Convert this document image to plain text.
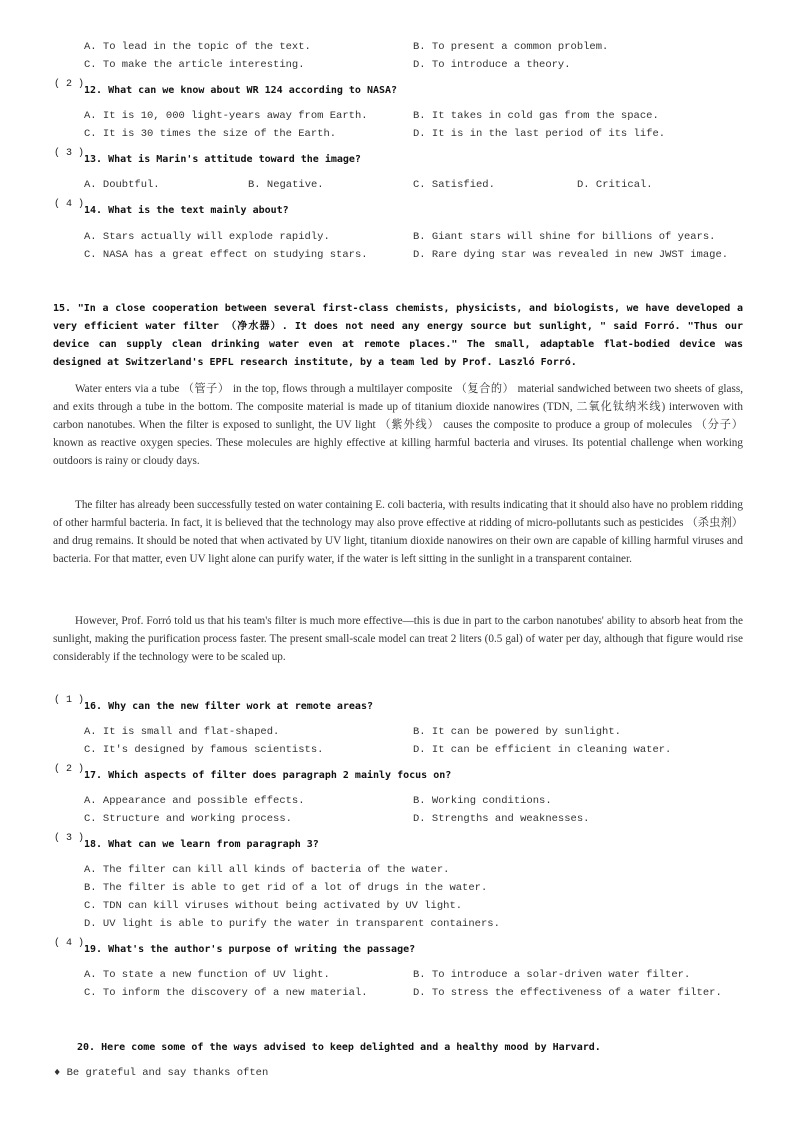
A. To lead in the topic of the text.	B. To present a common problem.
C. To make the article interesting.	D. To introduce a theory.
( 2 )
12. What can we know about WR 124 according to NASA?
A. It is 10, 000 light-years away from Earth.	B. It takes in cold gas from the space.
C. It is 30 times the size of the Earth.	D. It is in the last period of its life.
( 3 )
13. What is Marin's attitude toward the image?
A. Doubtful.	B. Negative.	C. Satisfied.	D. Critical.
( 4 )
14. What is the text mainly about?
A. Stars actually will explode rapidly.	B. Giant stars will shine for billions of years.
C. NASA has a great effect on studying stars.	D. Rare dying star was revealed in new JWST image.
15. "In a close cooperation between several first-class chemists, physicists, and biologists, we have developed a very efficient water filter （净水器）. It does not need any energy source but sunlight, " said Forrό. "Thus our device can supply clean drinking water even at remote places." The small, adaptable flat-bodied device was designed at Switzerland's EPFL research institute, by a team led by Prof. Laszlό Forrό.
Water enters via a tube （管子） in the top, flows through a multilayer composite （复合的） material sandwiched between two sheets of glass, and exits through a tube in the bottom. The composite material is made up of titanium dioxide nanowires (TDN, 二氧化钛纳米线) interwoven with carbon nanotubes. When the filter is exposed to sunlight, the UV light （紫外线） causes the composite to produce a group of molecules （分子） known as reactive oxygen species. These molecules are highly effective at killing harmful bacteria and viruses. Its potential challenge when working outdoors is rainy or cloudy days.
The filter has already been successfully tested on water containing E. coli bacteria, with results indicating that it should also have no problem ridding of other harmful bacteria. In fact, it is believed that the technology may also prove effective at ridding of micro-pollutants such as pesticides （杀虫剂） and drug remains. It should be noted that when activated by UV light, titanium dioxide nanowires on their own are capable of killing harmful viruses and bacteria. For that matter, even UV light alone can purify water, if the water is left sitting in the sunlight in a transparent container.
However, Prof. Forró told us that his team's filter is much more effective—this is due in part to the carbon nanotubes' ability to absorb heat from the sunlight, making the purification process faster. The present small-scale model can treat 2 liters (0.5 gal) of water per day, although that figure would rise considerably if the technology were to be scaled up.
( 1 )
16. Why can the new filter work at remote areas?
A. It is small and flat-shaped.	B. It can be powered by sunlight.
C. It's designed by famous scientists.	D. It can be efficient in cleaning water.
( 2 )
17. Which aspects of filter does paragraph 2 mainly focus on?
A. Appearance and possible effects.	B. Working conditions.
C. Structure and working process.	D. Strengths and weaknesses.
( 3 )
18. What can we learn from paragraph 3?
A. The filter can kill all kinds of bacteria of the water.
B. The filter is able to get rid of a lot of drugs in the water.
C. TDN can kill viruses without being activated by UV light.
D. UV light is able to purify the water in transparent containers.
( 4 )
19. What's the author's purpose of writing the passage?
A. To state a new function of UV light.	B. To introduce a solar-driven water filter.
C. To inform the discovery of a new material.	D. To stress the effectiveness of a water filter.
20. Here come some of the ways advised to keep delighted and a healthy mood by Harvard.
♦ Be grateful and say thanks often
